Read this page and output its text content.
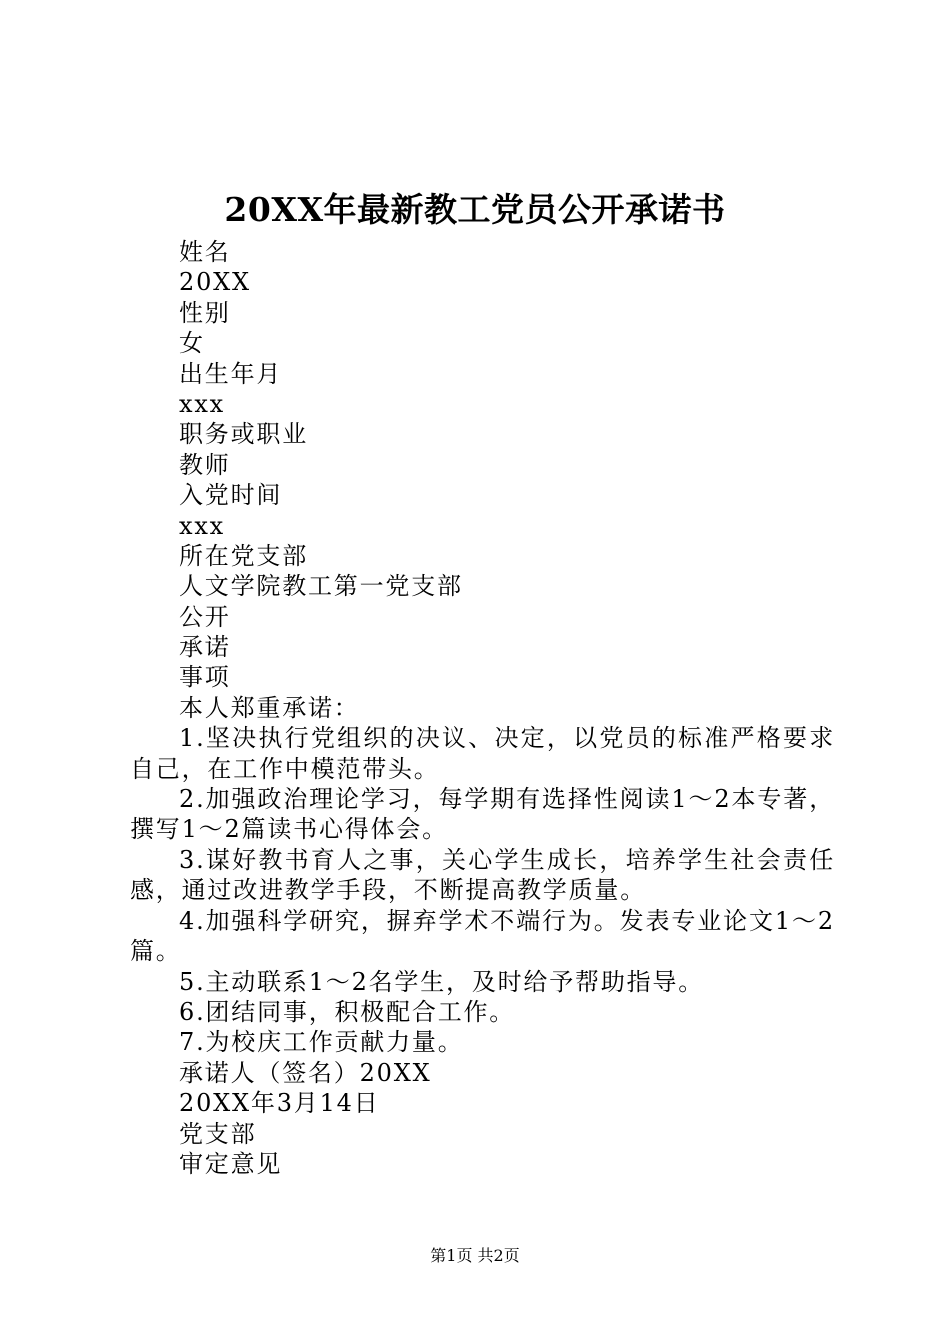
20XX年最新教工党员公开承诺书

姓名

20XX

性别

女

出生年月

xxx

职务或职业

教师

入党时间

xxx

所在党支部

人文学院教工第一党支部

公开

承诺

事项

本人郑重承诺：

1.坚决执行党组织的决议、决定，以党员的标准严格要求自己，在工作中模范带头。

2.加强政治理论学习，每学期有选择性阅读1～2本专著，撰写1～2篇读书心得体会。

3.谋好教书育人之事，关心学生成长，培养学生社会责任感，通过改进教学手段，不断提高教学质量。

4.加强科学研究，摒弃学术不端行为。发表专业论文1～2篇。

5.主动联系1～2名学生，及时给予帮助指导。

6.团结同事，积极配合工作。

7.为校庆工作贡献力量。

承诺人（签名）20XX

20XX年3月14日

党支部

审定意见

第1页 共2页
